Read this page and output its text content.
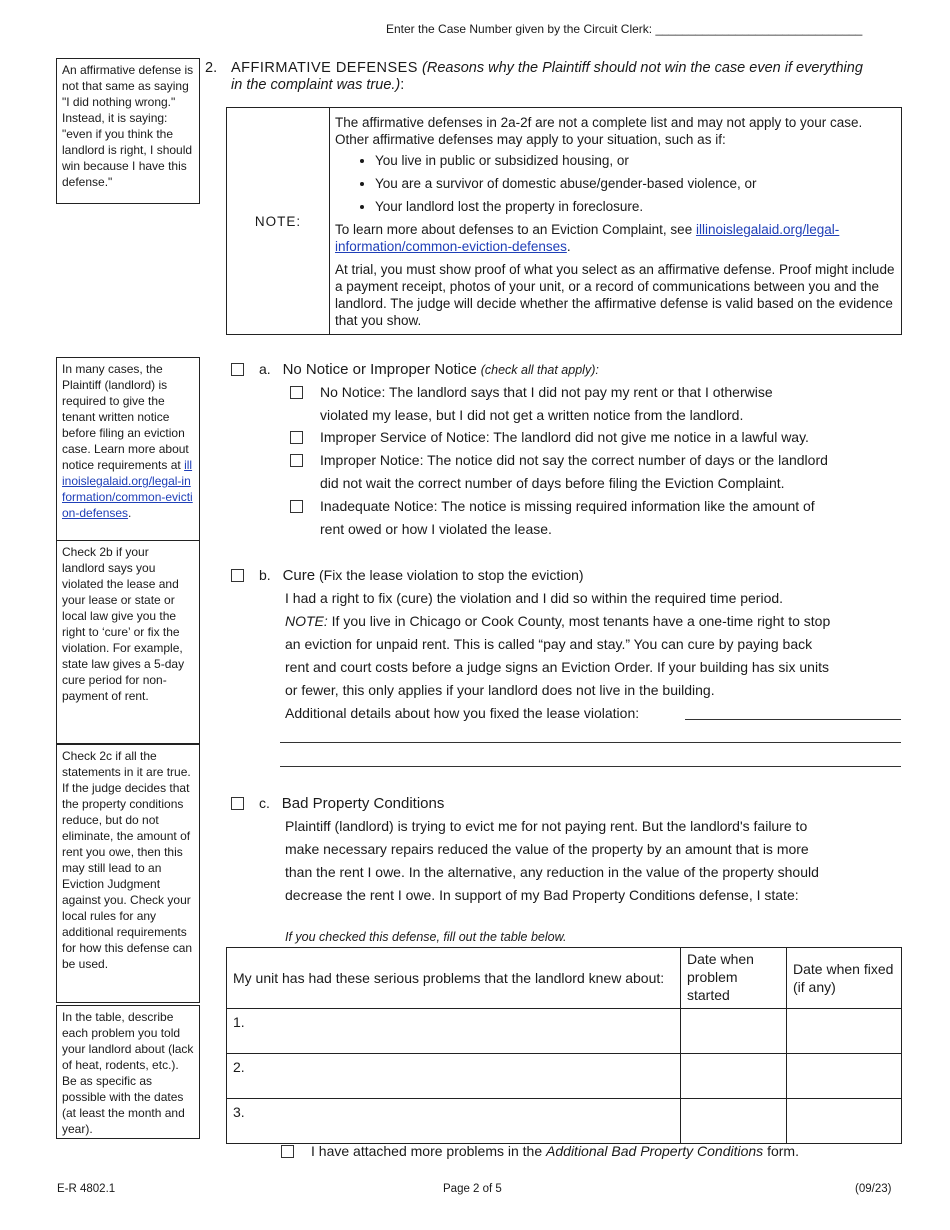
Enter the Case Number given by the Circuit Clerk: _______________________________
An affirmative defense is not that same as saying "I did nothing wrong." Instead, it is saying: "even if you think the landlord is right, I should win because I have this defense."
In many cases, the Plaintiff (landlord) is required to give the tenant written notice before filing an eviction case. Learn more about notice requirements at illinoislegalaid.org/legal-information/common-eviction-defenses.
Check 2b if your landlord says you violated the lease and your lease or state or local law give you the right to ‘cure’ or fix the violation. For example, state law gives a 5-day cure period for non-payment of rent.
Check 2c if all the statements in it are true. If the judge decides that the property conditions reduce, but do not eliminate, the amount of rent you owe, then this may still lead to an Eviction Judgment against you. Check your local rules for any additional requirements for how this defense can be used.
In the table, describe each problem you told your landlord about (lack of heat, rodents, etc.). Be as specific as possible with the dates (at least the month and year).
2. AFFIRMATIVE DEFENSES (Reasons why the Plaintiff should not win the case even if everything in the complaint was true.):
NOTE:	

The affirmative defenses in 2a-2f are not a complete list and may not apply to your case. Other affirmative defenses may apply to your situation, such as if:

• You live in public or subsidized housing, or
• You are a survivor of domestic abuse/gender-based violence, or
• Your landlord lost the property in foreclosure.

To learn more about defenses to an Eviction Complaint, see illinoislegalaid.org/legal-information/common-eviction-defenses.

At trial, you must show proof of what you select as an affirmative defense. Proof might include a payment receipt, photos of your unit, or a record of communications between you and the landlord. The judge will decide whether the affirmative defense is valid based on the evidence that you show.

a. No Notice or Improper Notice (check all that apply):
No Notice: The landlord says that I did not pay my rent or that I otherwise
violated my lease, but I did not get a written notice from the landlord.
Improper Service of Notice: The landlord did not give me notice in a lawful way.
Improper Notice: The notice did not say the correct number of days or the landlord
did not wait the correct number of days before filing the Eviction Complaint.
Inadequate Notice: The notice is missing required information like the amount of
rent owed or how I violated the lease.
b. Cure (Fix the lease violation to stop the eviction)
I had a right to fix (cure) the violation and I did so within the required time period.
NOTE: If you live in Chicago or Cook County, most tenants have a one-time right to stop
an eviction for unpaid rent. This is called “pay and stay.” You can cure by paying back
rent and court costs before a judge signs an Eviction Order. If your building has six units
or fewer, this only applies if your landlord does not live in the building.
Additional details about how you fixed the lease violation:
c. Bad Property Conditions
Plaintiff (landlord) is trying to evict me for not paying rent. But the landlord's failure to
make necessary repairs reduced the value of the property by an amount that is more
than the rent I owe. In the alternative, any reduction in the value of the property should
decrease the rent I owe. In support of my Bad Property Conditions defense, I state:
If you checked this defense, fill out the table below.
My unit has had these serious problems that the landlord knew about:	Date when problem started	Date when fixed (if any)
1.		
2.		
3.		
I have attached more problems in the Additional Bad Property Conditions form.
E-R 4802.1	Page 2 of 5	(09/23)
